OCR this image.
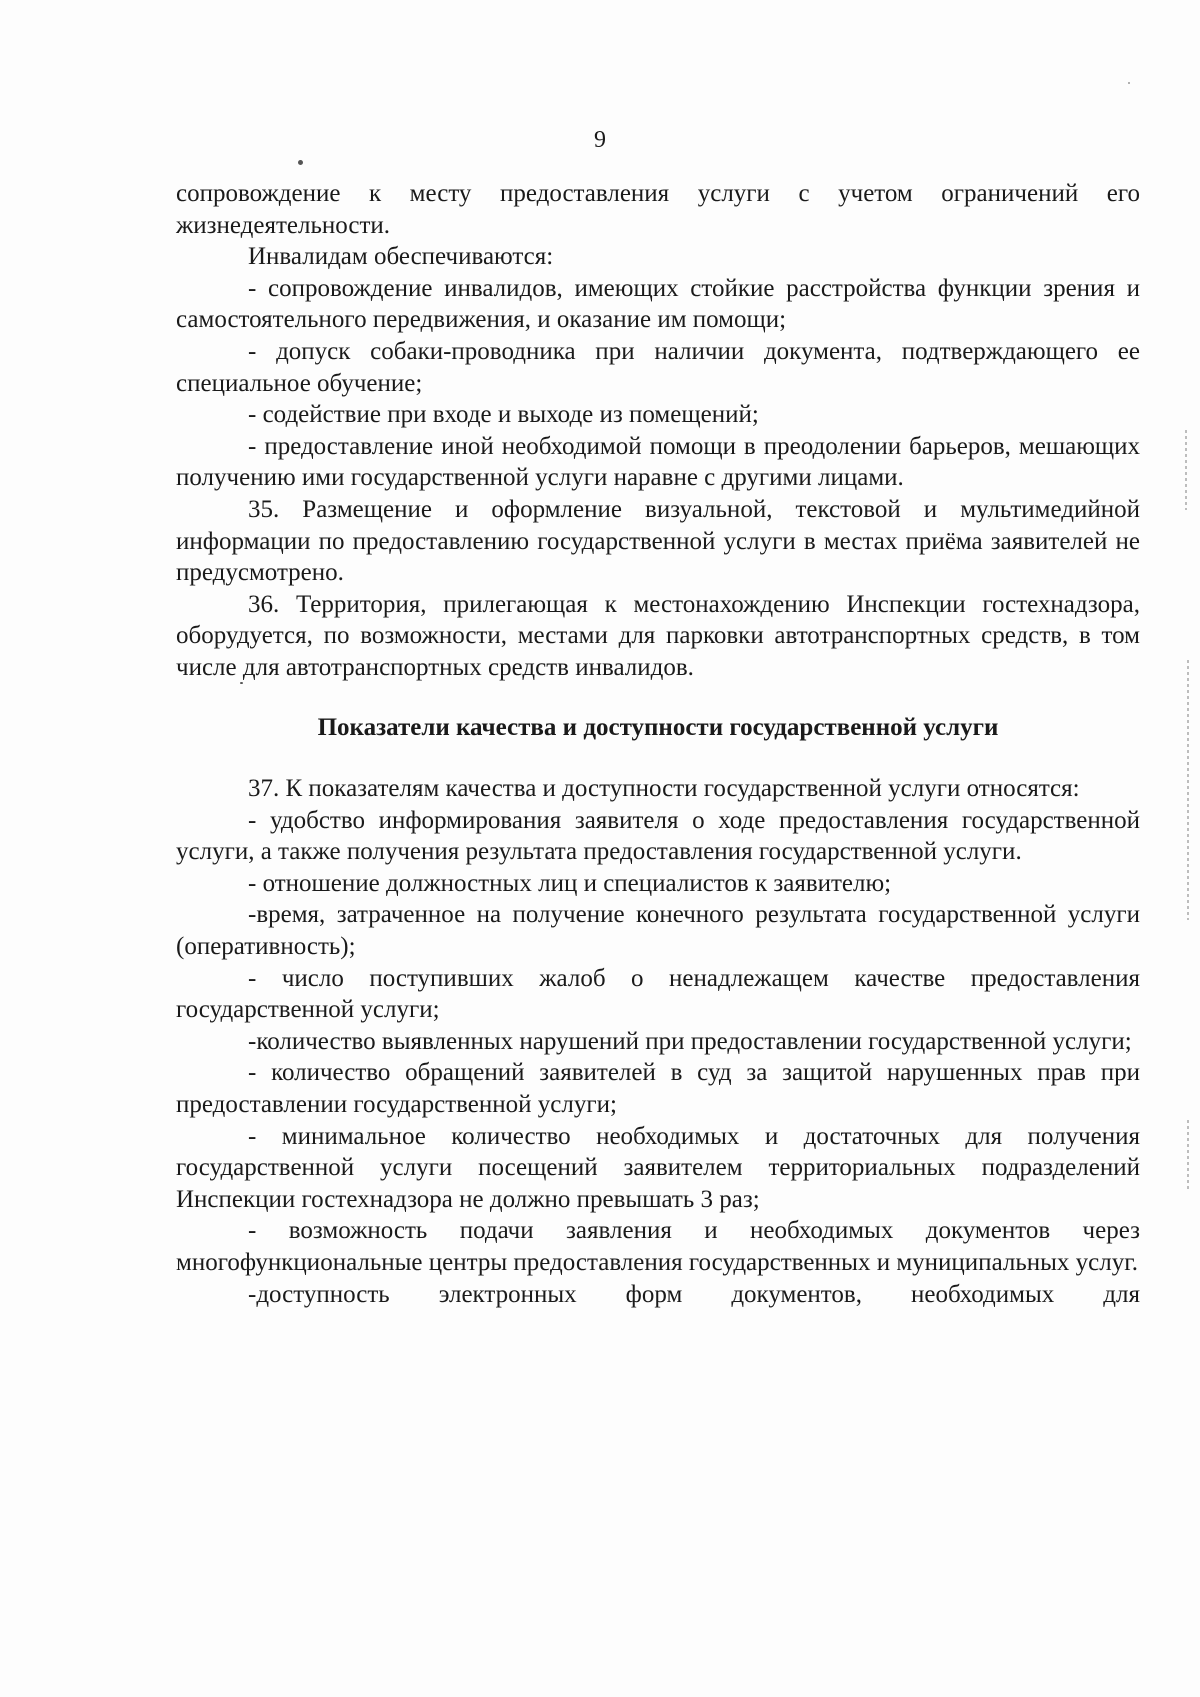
9

сопровождение к месту предоставления услуги с учетом ограничений его жизнедеятельности.

Инвалидам обеспечиваются:

- сопровождение инвалидов, имеющих стойкие расстройства функции зрения и самостоятельного передвижения, и оказание им помощи;

- допуск собаки-проводника при наличии документа, подтверждающего ее специальное обучение;

- содействие при входе и выходе из помещений;

- предоставление иной необходимой помощи в преодолении барьеров, мешающих получению ими государственной услуги наравне с другими лицами.

35. Размещение и оформление визуальной, текстовой и мультимедийной информации по предоставлению государственной услуги в местах приёма заявителей не предусмотрено.

36. Территория, прилегающая к местонахождению Инспекции гостехнадзора, оборудуется, по возможности, местами для парковки автотранспортных средств, в том числе для автотранспортных средств инвалидов.

Показатели качества и доступности государственной услуги

37. К показателям качества и доступности государственной услуги относятся:

- удобство информирования заявителя о ходе предоставления государственной услуги, а также получения результата предоставления государственной услуги.

- отношение должностных лиц и специалистов к заявителю;

-время, затраченное на получение конечного результата государственной услуги (оперативность);

- число поступивших жалоб о ненадлежащем качестве предоставления государственной услуги;

-количество выявленных нарушений при предоставлении государственной услуги;

- количество обращений заявителей в суд за защитой нарушенных прав при предоставлении государственной услуги;

- минимальное количество необходимых и достаточных для получения государственной услуги посещений заявителем территориальных подразделений Инспекции гостехнадзора не должно превышать 3 раз;

- возможность подачи заявления и необходимых документов через многофункциональные центры предоставления государственных и муниципальных услуг.

-доступность электронных форм документов, необходимых для
